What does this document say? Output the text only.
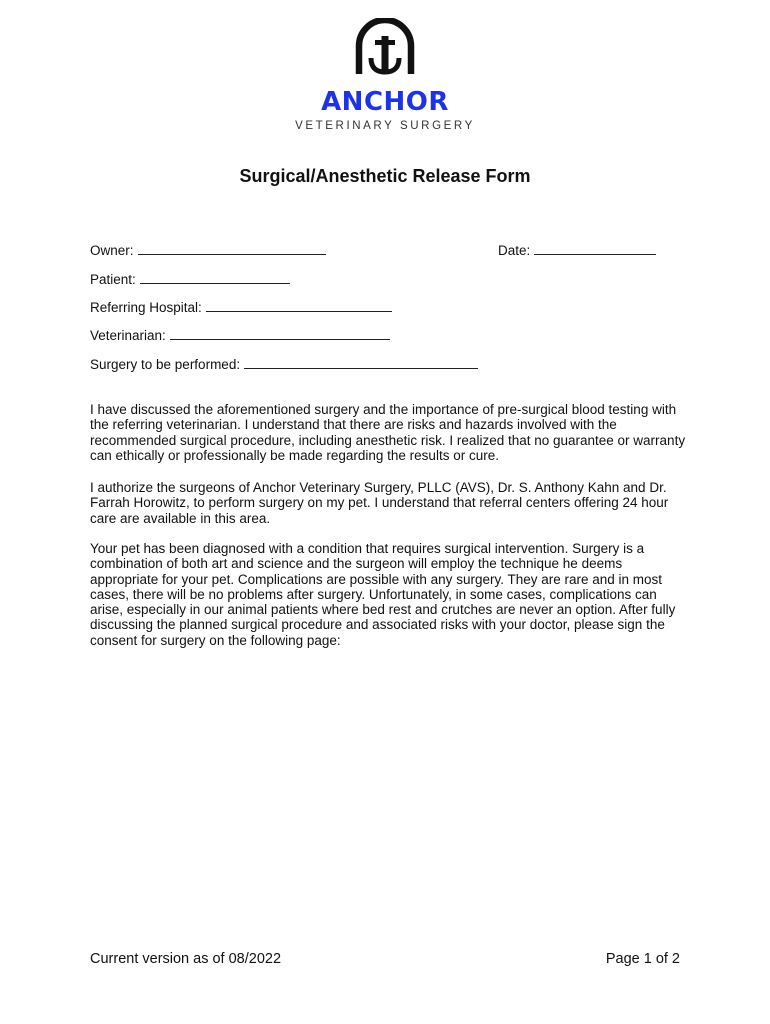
ANCHOR
VETERINARY SURGERY
Surgical/Anesthetic Release Form
Owner:	Date:
Patient:
Referring Hospital:
Veterinarian:
Surgery to be performed:

I have discussed the aforementioned surgery and the importance of pre-surgical blood testing with the referring veterinarian. I understand that there are risks and hazards involved with the recommended surgical procedure, including anesthetic risk. I realized that no guarantee or warranty can ethically or professionally be made regarding the results or cure.

I authorize the surgeons of Anchor Veterinary Surgery, PLLC (AVS), Dr. S. Anthony Kahn and Dr. Farrah Horowitz, to perform surgery on my pet. I understand that referral centers offering 24 hour care are available in this area.

Your pet has been diagnosed with a condition that requires surgical intervention. Surgery is a combination of both art and science and the surgeon will employ the technique he deems appropriate for your pet. Complications are possible with any surgery. They are rare and in most cases, there will be no problems after surgery. Unfortunately, in some cases, complications can arise, especially in our animal patients where bed rest and crutches are never an option. After fully discussing the planned surgical procedure and associated risks with your doctor, please sign the consent for surgery on the following page:

Current version as of 08/2022	Page 1 of 2
